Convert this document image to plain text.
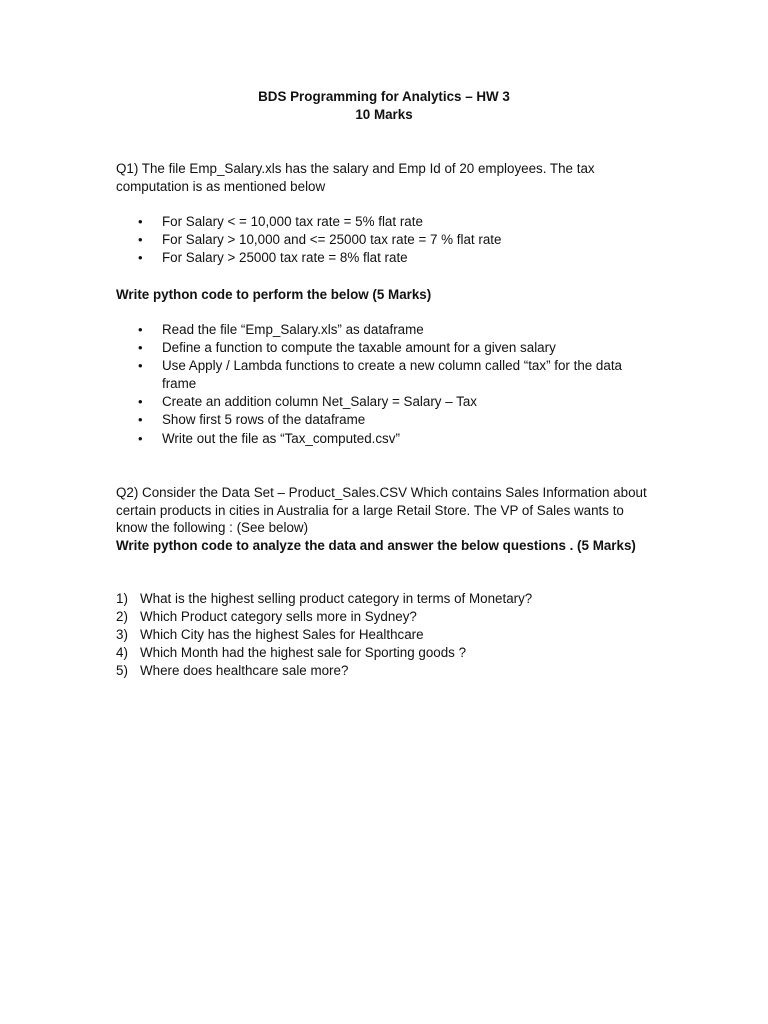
BDS Programming for Analytics – HW 3
10 Marks
Q1) The file Emp_Salary.xls has the salary and Emp Id of 20 employees. The tax
computation is as mentioned below
• For Salary < = 10,000 tax rate = 5% flat rate
• For Salary > 10,000 and <= 25000 tax rate = 7 % flat rate
• For Salary > 25000 tax rate = 8% flat rate
Write python code to perform the below (5 Marks)
• Read the file “Emp_Salary.xls” as dataframe
• Define a function to compute the taxable amount for a given salary
• Use Apply / Lambda functions to create a new column called “tax” for the data
frame
• Create an addition column Net_Salary = Salary – Tax
• Show first 5 rows of the dataframe
• Write out the file as “Tax_computed.csv”
Q2) Consider the Data Set – Product_Sales.CSV Which contains Sales Information about
certain products in cities in Australia for a large Retail Store. The VP of Sales wants to
know the following : (See below)
Write python code to analyze the data and answer the below questions . (5 Marks)
1) What is the highest selling product category in terms of Monetary?
2) Which Product category sells more in Sydney?
3) Which City has the highest Sales for Healthcare
4) Which Month had the highest sale for Sporting goods ?
5) Where does healthcare sale more?
